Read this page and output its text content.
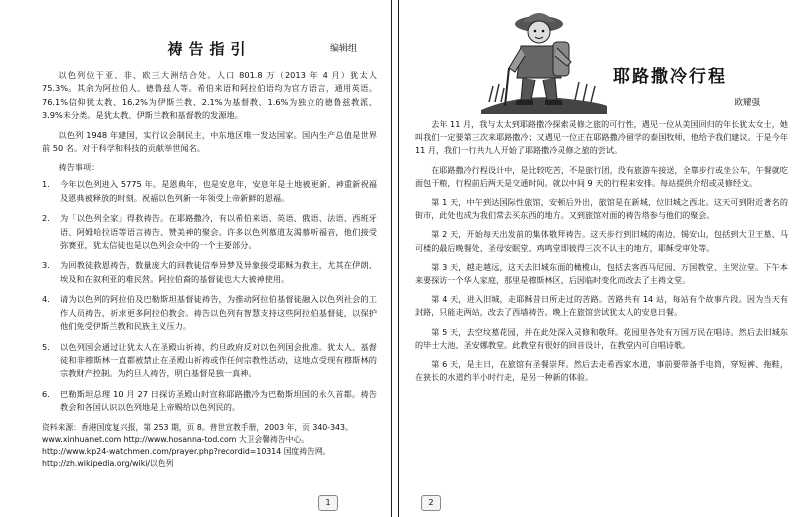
祷告指引	编辑组

以色列位于亚、非、欧三大洲结合处。人口 801.8 万（2013 年 4 月）犹太人 75.3%。其余为阿拉伯人、德鲁兹人等。希伯来语和阿拉伯语均为官方语言，通用英语。76.1%信仰犹太教、16.2%为伊斯兰教、2.1%为基督教、1.6%为独立的德鲁兹教派、3.9%未分类。是犹太教、伊斯兰教和基督教的发源地。

以色列 1948 年建国，实行议会制民主，中东地区唯一发达国家。国内生产总值是世界前 50 名。对于科学和科技的贡献举世闻名。

祷告事项：
1.	今年以色列进入 5775 年。是恩典年，也是安息年，安息年是土地被更新、神重新祝福及恩典被释放的时刻。祝福以色列新一年领受上帝新鲜的恩福。
2.	为「以色列全家」得救祷告。在耶路撒冷，有以希伯来语、英语、俄语、法语、西班牙语、阿姆哈拉语等语言祷告、赞美神的聚会。许多以色列慕道友渴慕听福音，他们接受弥赛亚，犹太信徒也是以色列会众中的一个主要部分。
3.	为回教徒救恩祷告，数量庞大的回教徒信奉异梦及异象接受耶稣为救主，尤其在伊朗、埃及和在叙利亚的难民营。阿拉伯裔的基督徒也大大被神使用。
4.	请为以色列的阿拉伯及巴勒斯坦基督徒祷告，为推动阿拉伯基督徒融入以色列社会的工作人员祷告，祈求更多阿拉伯教会。祷告以色列有智慧支持这些阿拉伯基督徒，以保护他们免受伊斯兰教和民族主义压力。
5.	以色列国会通过让犹太人在圣殿山祈祷，约旦政府反对以色列国会批准。犹太人、基督徒和非穆斯林一直都被禁止在圣殿山祈祷或作任何宗教性活动，这地点受现有穆斯林的宗教财产控制。为约旦人祷告，明白基督是独一真神。
6.	巴勒斯坦总理 10 月 27 日探访圣殿山时宣称耶路撒冷为巴勒斯坦国的永久首都。祷告教会和各国认识以色列地是上帝赐给以色列民的。

资料来源：香港国度复兴报，第 253 期，页 8。普世宣教手册，2003 年，页 340-343。

www.xinhuanet.com http://www.hosanna-tod.com 大卫会馨祷告中心。

http://www.kp24-watchmen.com/prayer.php?recordid=10314 国度祷告网。

http://zh.wikipedia.org/wiki/以色列

1
耶路撒冷行程
欧耀强

去年 11 月，我与太太到耶路撒冷探索灵修之旅的可行性，遇见一位从美国回归的年长犹太女士，她叫我们一定要第三次来耶路撒冷；又遇见一位正在耶路撒冷留学的泰国牧师，他给予我们建议。于是今年 11 月，我们一行共九人开始了耶路撒冷灵修之旅的尝试。

在耶路撒冷行程设计中，是比较吃苦，不是旅行团，没有旅游车接送，全靠步行或坐公车，午餐就吃面包干粮，行程前后两天是交通时间。就以中间 9 天的行程来安排。每站提供介绍或灵修经文。

第 1 天，中午到达国际性旅馆，安顿后外出，旅馆是在新城，位旧城之西北。这天可到附近著名的街市，此处也成为我们常去买东西的地方。又到旅馆对面的祷告塔参与他们的聚会。

第 2 天，开始每天出发前的集体敬拜祷告。这天步行到旧城的南边，锡安山，包括到大卫王墓、马可楼的最后晚餐处、圣母安眠堂、鸡鸣堂即彼得三次不认主的地方，耶稣受审处等。

第 3 天，越走越远，这天去旧城东面的橄榄山，包括去客西马尼园、万国教堂、主哭泣堂。下午本来要探访一个华人家庭，那里是穆斯林区，后因临时变化而改去了主祷文堂。

第 4 天，进入旧城，走耶稣昔日所走过的苦路。苦路共有 14 站，每站有个故事片段。因为当天有封路，只能走两站，改去了西墙祷告。晚上在旅馆尝试犹太人的安息日餐。

第 5 天，去空坟墓花园，并在此处深入灵修和敬拜。花园里各处有万国万民在唱诗。然后去旧城东的毕士大池、圣安娜教堂。此教堂有很好的回音设计，在教堂内可自唱诗歌。

第 6 天，是主日，在旅馆有圣餐崇拜。然后去走希西家水道，事前要带备手电筒，穿短裤、拖鞋，在狭长的水道约半小时行走，是另一种新的体验。

2
